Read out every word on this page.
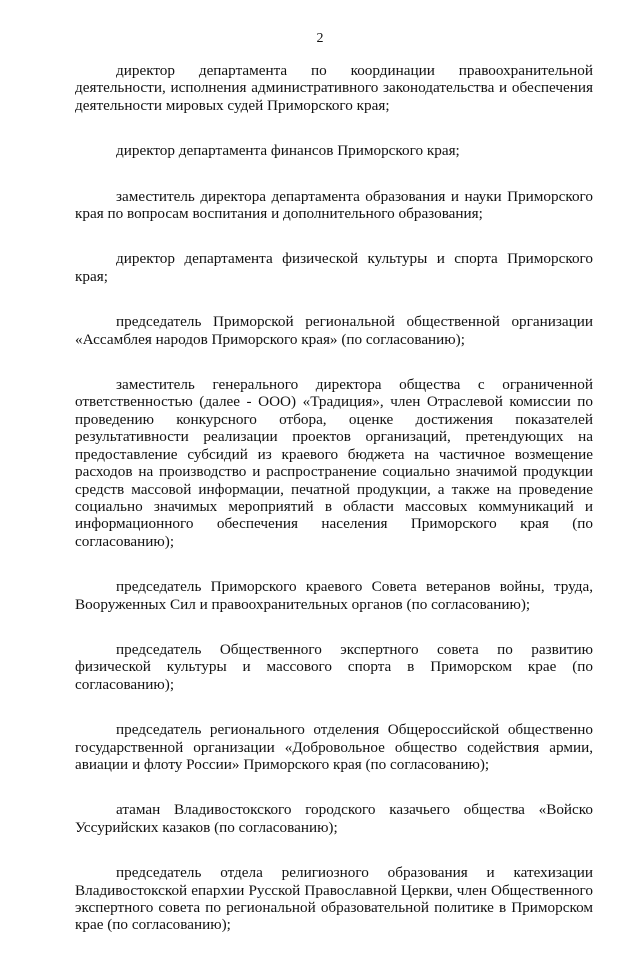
2

директор департамента по координации правоохранительной деятельности, исполнения административного законодательства и обеспечения деятельности мировых судей Приморского края;

директор департамента финансов Приморского края;

заместитель директора департамента образования и науки Приморского края по вопросам воспитания и дополнительного образования;

директор департамента физической культуры и спорта Приморского края;

председатель Приморской региональной общественной организации «Ассамблея народов Приморского края» (по согласованию);

заместитель генерального директора общества с ограниченной ответственностью (далее - ООО) «Традиция», член Отраслевой комиссии по проведению конкурсного отбора, оценке достижения показателей результативности реализации проектов организаций, претендующих на предоставление субсидий из краевого бюджета на частичное возмещение расходов на производство и распространение социально значимой продукции средств массовой информации, печатной продукции, а также на проведение социально значимых мероприятий в области массовых коммуникаций и информационного обеспечения населения Приморского края (по согласованию);

председатель Приморского краевого Совета ветеранов войны, труда, Вооруженных Сил и правоохранительных органов (по согласованию);

председатель Общественного экспертного совета по развитию физической культуры и массового спорта в Приморском крае (по согласованию);

председатель регионального отделения Общероссийской общественно государственной организации «Добровольное общество содействия армии, авиации и флоту России» Приморского края (по согласованию);

атаман Владивостокского городского казачьего общества «Войско Уссурийских казаков (по согласованию);

председатель отдела религиозного образования и катехизации Владивостокской епархии Русской Православной Церкви, член Общественного экспертного совета по региональной образовательной политике в Приморском крае (по согласованию);
